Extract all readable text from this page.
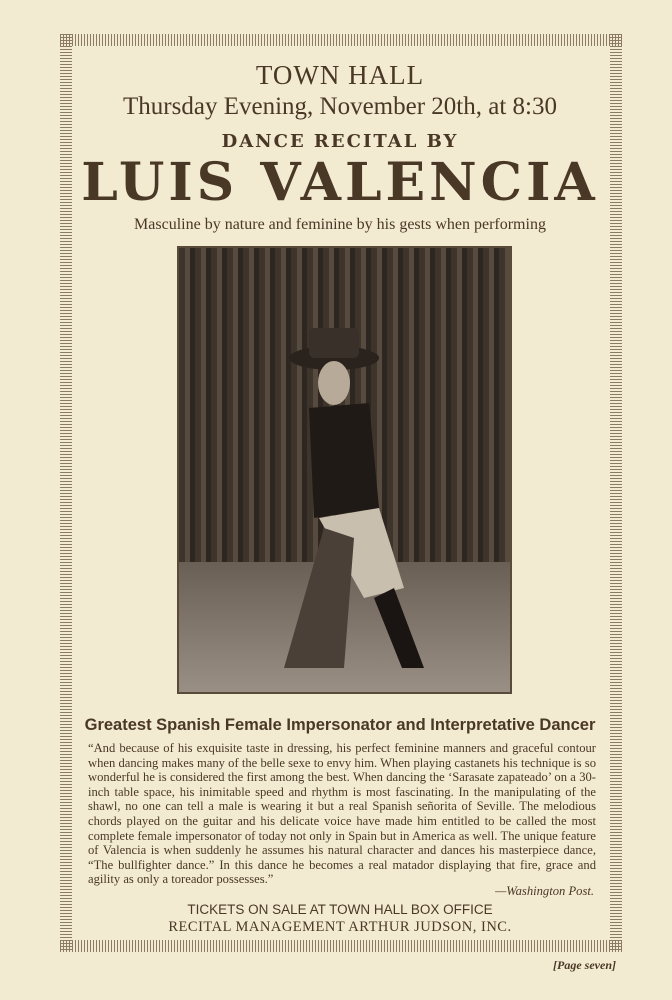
TOWN HALL
Thursday Evening, November 20th, at 8:30
DANCE RECITAL BY
LUIS VALENCIA
Masculine by nature and feminine by his gests when performing
Greatest Spanish Female Impersonator and Interpretative Dancer
“And because of his exquisite taste in dressing, his perfect feminine manners and graceful contour when dancing makes many of the belle sexe to envy him. When playing castanets his technique is so wonderful he is considered the first among the best. When dancing the ‘Sarasate zapateado’ on a 30-inch table space, his inimitable speed and rhythm is most fascinating. In the manipulating of the shawl, no one can tell a male is wearing it but a real Spanish señorita of Seville. The melodious chords played on the guitar and his delicate voice have made him entitled to be called the most complete female impersonator of today not only in Spain but in America as well. The unique feature of Valencia is when suddenly he assumes his natural character and dances his masterpiece dance, “The bullfighter dance.” In this dance he becomes a real matador displaying that fire, grace and agility as only a toreador possesses.”
—Washington Post.
TICKETS ON SALE AT TOWN HALL BOX OFFICE
RECITAL MANAGEMENT ARTHUR JUDSON, INC.
[Page seven]
